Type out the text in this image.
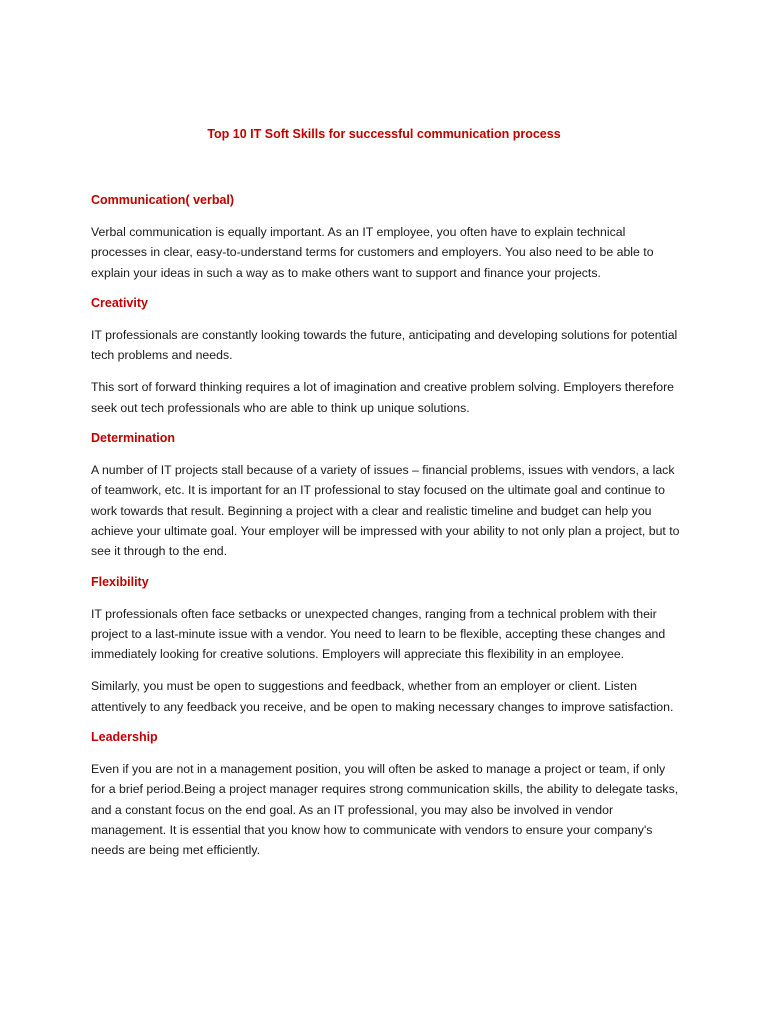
Top 10 IT Soft Skills for successful communication process
Communication( verbal)

Verbal communication is equally important. As an IT employee, you often have to explain technical processes in clear, easy-to-understand terms for customers and employers. You also need to be able to explain your ideas in such a way as to make others want to support and finance your projects.

Creativity

IT professionals are constantly looking towards the future, anticipating and developing solutions for potential tech problems and needs.

This sort of forward thinking requires a lot of imagination and creative problem solving. Employers therefore seek out tech professionals who are able to think up unique solutions.

Determination

A number of IT projects stall because of a variety of issues – financial problems, issues with vendors, a lack of teamwork, etc. It is important for an IT professional to stay focused on the ultimate goal and continue to work towards that result. Beginning a project with a clear and realistic timeline and budget can help you achieve your ultimate goal. Your employer will be impressed with your ability to not only plan a project, but to see it through to the end.

Flexibility

IT professionals often face setbacks or unexpected changes, ranging from a technical problem with their project to a last-minute issue with a vendor. You need to learn to be flexible, accepting these changes and immediately looking for creative solutions. Employers will appreciate this flexibility in an employee.

Similarly, you must be open to suggestions and feedback, whether from an employer or client. Listen attentively to any feedback you receive, and be open to making necessary changes to improve satisfaction.

Leadership

Even if you are not in a management position, you will often be asked to manage a project or team, if only for a brief period.Being a project manager requires strong communication skills, the ability to delegate tasks, and a constant focus on the end goal. As an IT professional, you may also be involved in vendor management. It is essential that you know how to communicate with vendors to ensure your company's needs are being met efficiently.
